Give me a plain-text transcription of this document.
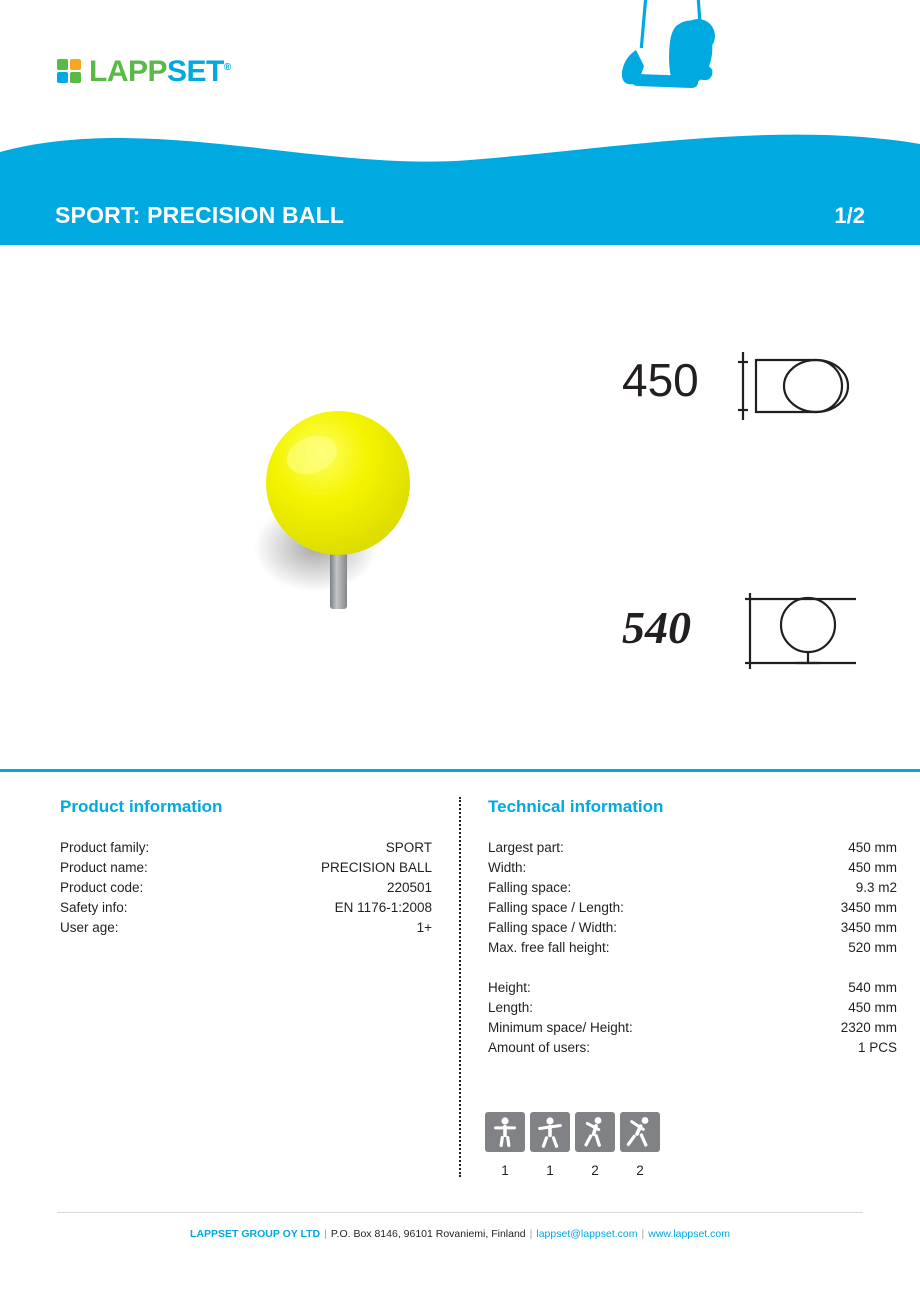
LAPPSET®
SPORT: PRECISION BALL	1/2
450
540
Product information
Product family:	SPORT
Product name:	PRECISION BALL
Product code:	220501
Safety info:	EN 1176-1:2008
User age:	1+
Technical information
Largest part:	450 mm
Width:	450 mm
Falling space:	9.3 m2
Falling space / Length:	3450 mm
Falling space / Width:	3450 mm
Max. free fall height:	520 mm

Height:	540 mm
Length:	450 mm
Minimum space/ Height:	2320 mm
Amount of users:	1 PCS
1	1	2	2
LAPPSET GROUP OY LTD | P.O. Box 8146, 96101 Rovaniemi, Finland | lappset@lappset.com | www.lappset.com
